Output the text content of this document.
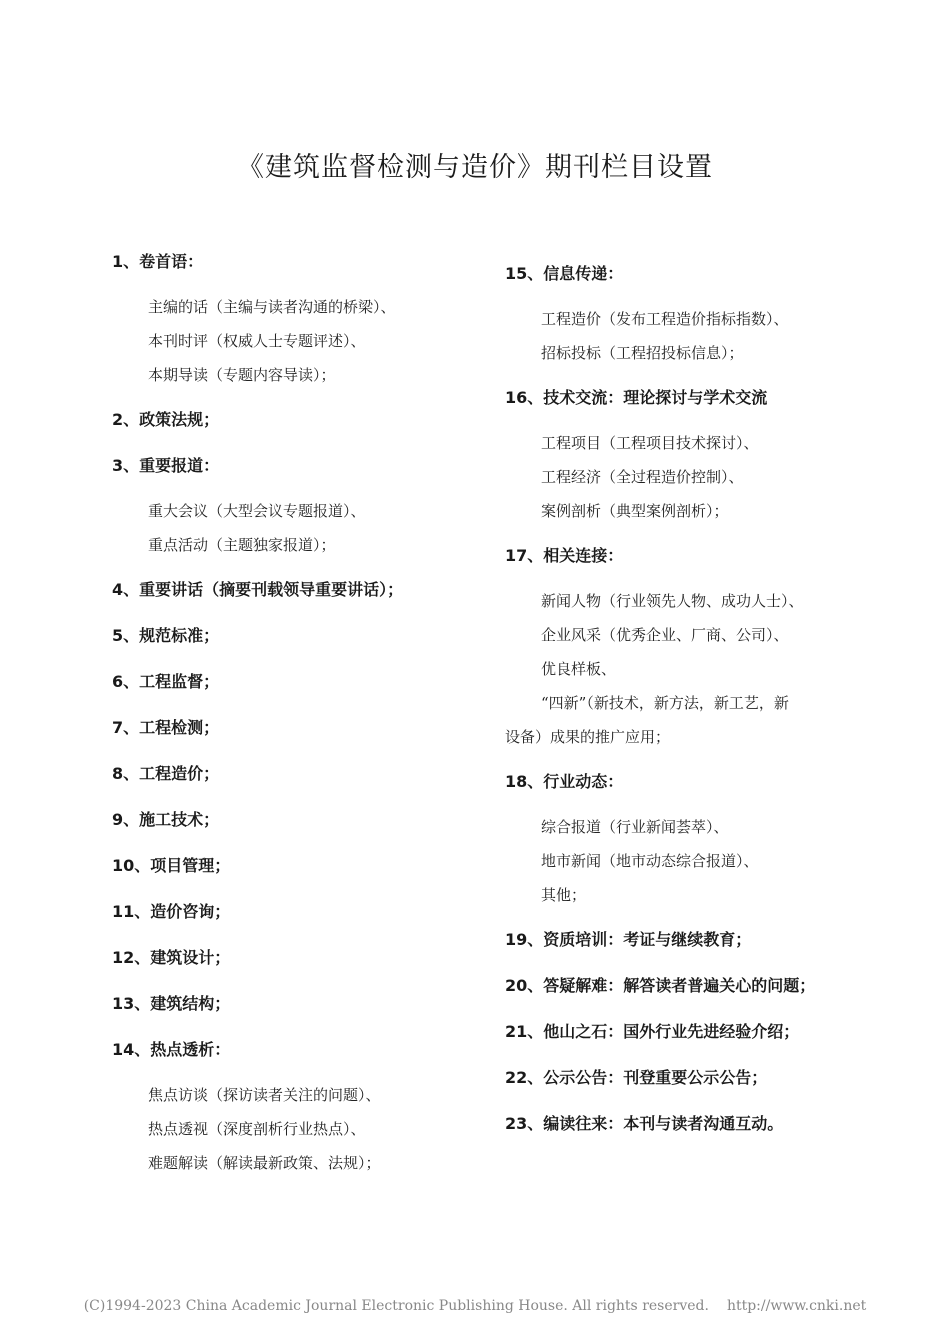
《建筑监督检测与造价》期刊栏目设置
1、卷首语：
主编的话（主编与读者沟通的桥梁）、
本刊时评（权威人士专题评述）、
本期导读（专题内容导读）；
2、政策法规；
3、重要报道：
重大会议（大型会议专题报道）、
重点活动（主题独家报道）；
4、重要讲话（摘要刊载领导重要讲话）；
5、规范标准；
6、工程监督；
7、工程检测；
8、工程造价；
9、施工技术；
10、项目管理；
11、造价咨询；
12、建筑设计；
13、建筑结构；
14、热点透析：
焦点访谈（探访读者关注的问题）、
热点透视（深度剖析行业热点）、
难题解读（解读最新政策、法规）；
15、信息传递：
工程造价（发布工程造价指标指数）、
招标投标（工程招投标信息）；
16、技术交流：理论探讨与学术交流
工程项目（工程项目技术探讨）、
工程经济（全过程造价控制）、
案例剖析（典型案例剖析）；
17、相关连接：
新闻人物（行业领先人物、成功人士）、
企业风采（优秀企业、厂商、公司）、
优良样板、
“四新”（新技术，新方法，新工艺，新
设备）成果的推广应用；
18、行业动态：
综合报道（行业新闻荟萃）、
地市新闻（地市动态综合报道）、
其他；
19、资质培训：考证与继续教育；
20、答疑解难：解答读者普遍关心的问题；
21、他山之石：国外行业先进经验介绍；
22、公示公告：刊登重要公示公告；
23、编读往来：本刊与读者沟通互动。
(C)1994-2023 China Academic Journal Electronic Publishing House. All rights reserved. http://www.cnki.net
